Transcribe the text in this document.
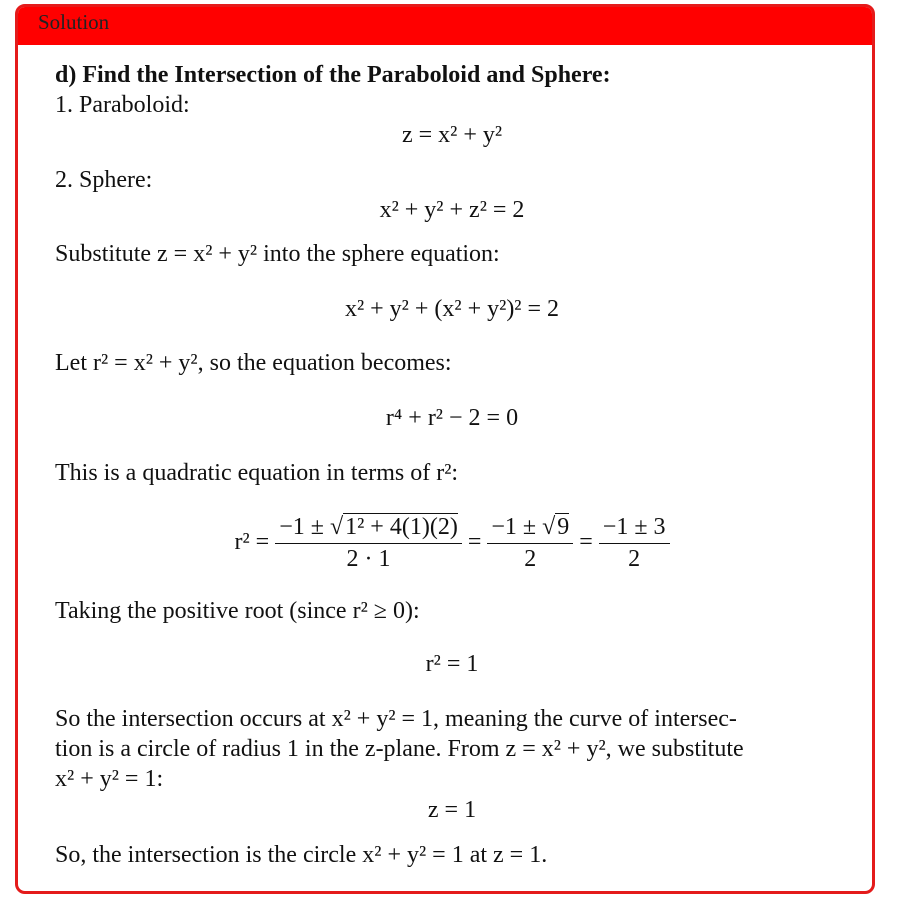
Solution
d) Find the Intersection of the Paraboloid and Sphere:
1. Paraboloid:
z = x² + y²
2. Sphere:
x² + y² + z² = 2
Substitute z = x² + y² into the sphere equation:
x² + y² + (x² + y²)² = 2
Let r² = x² + y², so the equation becomes:
r⁴ + r² − 2 = 0
This is a quadratic equation in terms of r²:
$r^2 = \frac{\text{−1 ± √1² + 4(1)(2)}}{2 \cdot 1} = \frac{-1 \pm √9}{2} = \frac{-1 \pm 3}{2}$
Taking the positive root (since r² ≥ 0):
r² = 1
So the intersection occurs at x² + y² = 1, meaning the curve of intersec-
tion is a circle of radius 1 in the z-plane. From z = x² + y², we substitute
x² + y² = 1:
z = 1
So, the intersection is the circle x² + y² = 1 at z = 1.
